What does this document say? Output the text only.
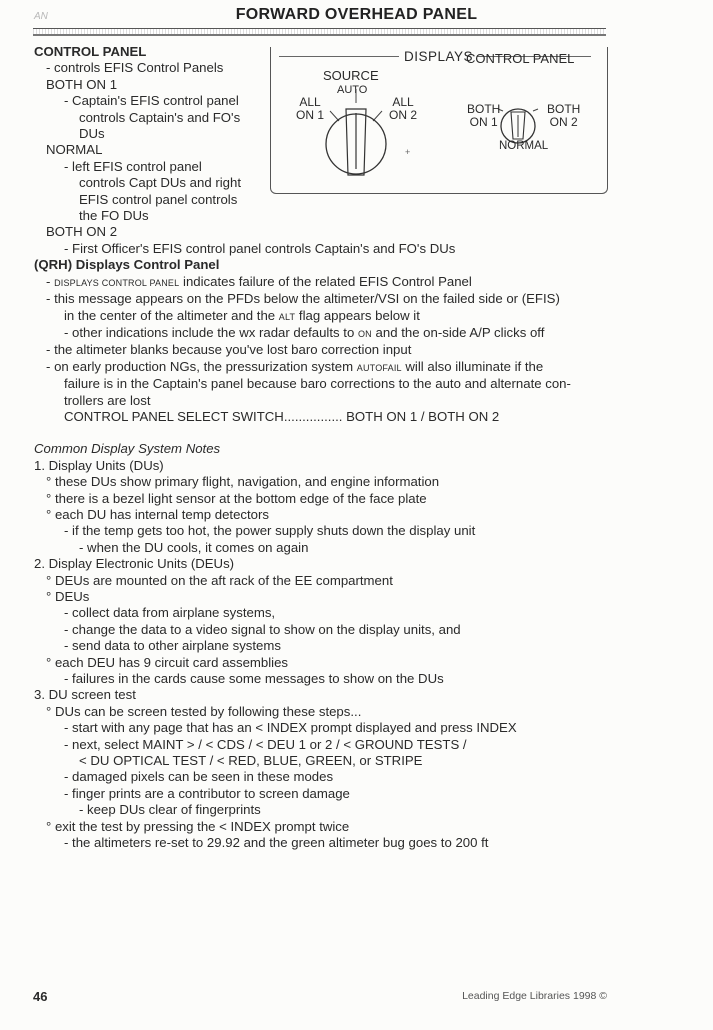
AN	FORWARD OVERHEAD PANEL
DISPLAYS
SOURCE
AUTO
ALL
ON 1
ALL
ON 2
+
CONTROL PANEL
BOTH
ON 1
BOTH
ON 2
NORMAL
CONTROL PANEL
- controls EFIS Control Panels
BOTH ON 1
- Captain's EFIS control panel
controls Captain's and FO's
DUs
NORMAL
- left EFIS control panel
controls Capt DUs and right
EFIS control panel controls
the FO DUs
BOTH ON 2
- First Officer's EFIS control panel controls Captain's and FO's DUs
(QRH) Displays Control Panel
- DISPLAYS CONTROL PANEL indicates failure of the related EFIS Control Panel
- this message appears on the PFDs below the altimeter/VSI on the failed side or (EFIS)
in the center of the altimeter and the ALT flag appears below it
- other indications include the wx radar defaults to ON and the on-side A/P clicks off
- the altimeter blanks because you've lost baro correction input
- on early production NGs, the pressurization system AUTOFAIL will also illuminate if the
failure is in the Captain's panel because baro corrections to the auto and alternate con-
trollers are lost
CONTROL PANEL SELECT SWITCH................ BOTH ON 1 / BOTH ON 2
Common Display System Notes
1. Display Units (DUs)
° these DUs show primary flight, navigation, and engine information
° there is a bezel light sensor at the bottom edge of the face plate
° each DU has internal temp detectors
- if the temp gets too hot, the power supply shuts down the display unit
- when the DU cools, it comes on again
2. Display Electronic Units (DEUs)
° DEUs are mounted on the aft rack of the EE compartment
° DEUs
- collect data from airplane systems,
- change the data to a video signal to show on the display units, and
- send data to other airplane systems
° each DEU has 9 circuit card assemblies
- failures in the cards cause some messages to show on the DUs
3. DU screen test
° DUs can be screen tested by following these steps...
- start with any page that has an < INDEX prompt displayed and press INDEX
- next, select MAINT > / < CDS / < DEU 1 or 2 / < GROUND TESTS /
< DU OPTICAL TEST / < RED, BLUE, GREEN, or STRIPE
- damaged pixels can be seen in these modes
- finger prints are a contributor to screen damage
- keep DUs clear of fingerprints
° exit the test by pressing the < INDEX prompt twice
- the altimeters re-set to 29.92 and the green altimeter bug goes to 200 ft
46	Leading Edge Libraries 1998 ©
